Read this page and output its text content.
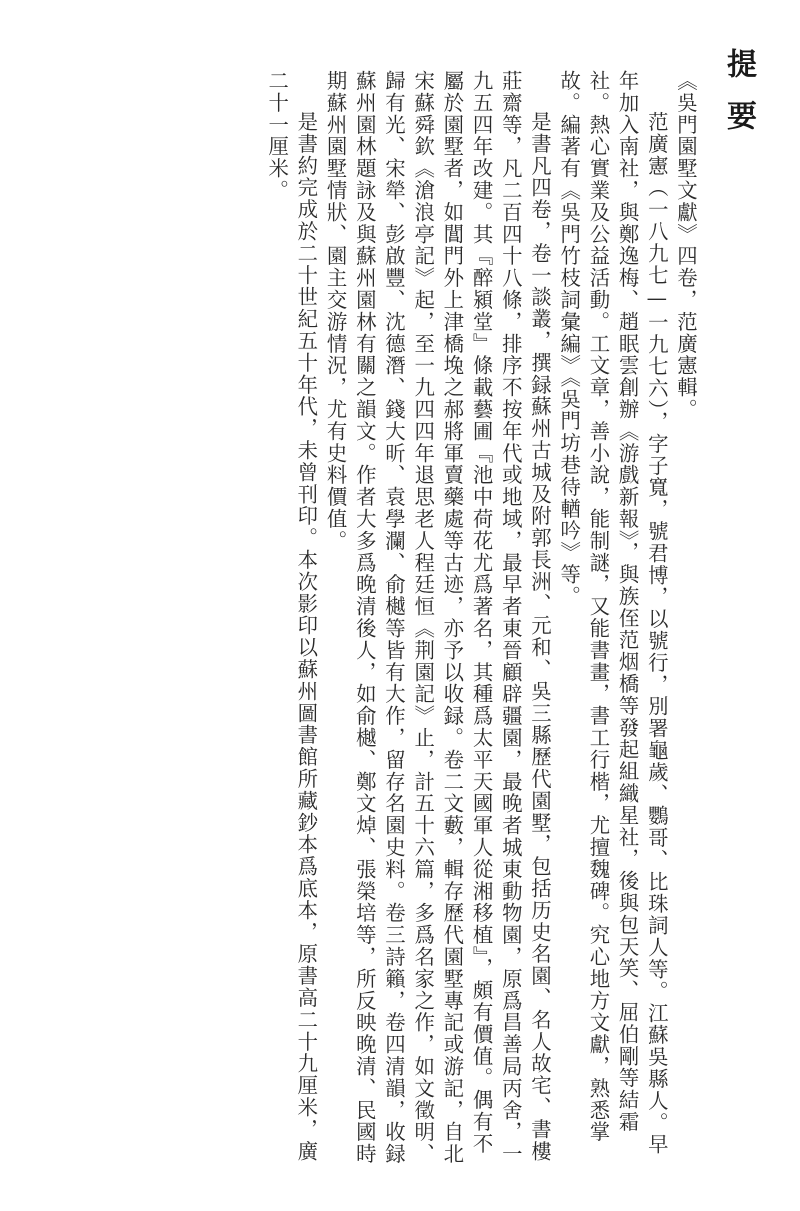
提要

《吳門園墅文獻》四卷，范廣憲輯。

范廣憲（一八九七—一九七六），字子寬，號君博，以號行，別署龜歲、鸚哥、比珠詞人等。江蘇吳縣人。早年加入南社，與鄭逸梅、趙眠雲創辦《游戲新報》，與族侄范烟橋等發起組織星社，後與包天笑、屈伯剛等結霜社。熱心實業及公益活動。工文章，善小說，能制謎，又能書畫，書工行楷，尤擅魏碑。究心地方文獻，熟悉掌故。編著有《吳門竹枝詞彙編》《吳門坊巷待輶吟》等。

是書凡四卷，卷一談叢，撰録蘇州古城及附郭長洲、元和、吳三縣歷代園墅，包括历史名園、名人故宅、書樓莊齋等，凡二百四十八條，排序不按年代或地域，最早者東晉顧辟疆園，最晚者城東動物園，原爲昌善局丙舍，一九五四年改建。其『醉潁堂』條載藝圃『池中荷花尤爲著名，其種爲太平天國軍人從湘移植』，頗有價值。偶有不屬於園墅者，如閶門外上津橋堍之郝將軍賣藥處等古迹，亦予以收録。卷二文藪，輯存歷代園墅專記或游記，自北宋蘇舜欽《滄浪亭記》起，至一九四四年退思老人程廷恒《荆園記》止，計五十六篇，多爲名家之作，如文徵明、歸有光、宋犖、彭啟豐、沈德潛、錢大昕、袁學瀾、俞樾等皆有大作，留存名園史料。卷三詩籟，卷四清韻，收録蘇州園林題詠及與蘇州園林有關之韻文。作者大多爲晚清後人，如俞樾、鄭文焯、張榮培等，所反映晚清、民國時期蘇州園墅情狀、園主交游情況，尤有史料價值。

是書約完成於二十世紀五十年代，未曾刊印。本次影印以蘇州圖書館所藏鈔本爲底本，原書高二十九厘米，廣二十一厘米。
